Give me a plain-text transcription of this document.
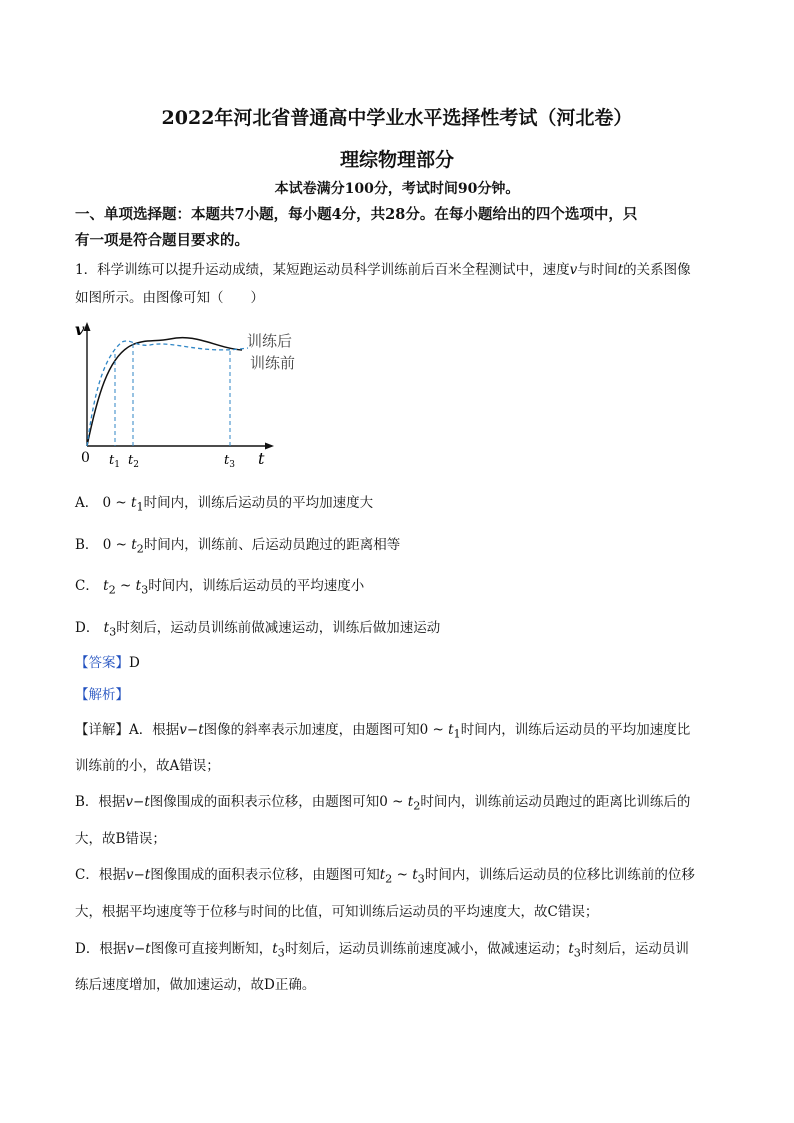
2022年河北省普通高中学业水平选择性考试（河北卷）
理综物理部分
本试卷满分100分，考试时间90分钟。
一、单项选择题：本题共7小题，每小题4分，共28分。在每小题给出的四个选项中，只
有一项是符合题目要求的。
1．科学训练可以提升运动成绩，某短跑运动员科学训练前后百米全程测试中，速度v与时间t的关系图像
如图所示。由图像可知（　　）
v
t
0
训练后
训练前
$t_1$ $t_2$	$t_3$
A． 0 ~ $t_1$时间内，训练后运动员的平均加速度大
B． 0 ~ $t_2$时间内，训练前、后运动员跑过的距离相等
C． $t_2$ ~ $t_3$时间内，训练后运动员的平均速度小
D． $t_3$时刻后，运动员训练前做减速运动，训练后做加速运动
【答案】D
【解析】
【详解】A．根据v−t图像的斜率表示加速度，由题图可知0 ~ $t_1$时间内，训练后运动员的平均加速度比
训练前的小，故A错误；
B．根据v−t图像围成的面积表示位移，由题图可知0 ~ $t_2$时间内，训练前运动员跑过的距离比训练后的
大，故B错误；
C．根据v−t图像围成的面积表示位移，由题图可知$t_2$ ~ $t_3$时间内，训练后运动员的位移比训练前的位移
大，根据平均速度等于位移与时间的比值，可知训练后运动员的平均速度大，故C错误；
D．根据v−t图像可直接判断知，$t_3$时刻后，运动员训练前速度减小，做减速运动；$t_3$时刻后，运动员训
练后速度增加，做加速运动，故D正确。
